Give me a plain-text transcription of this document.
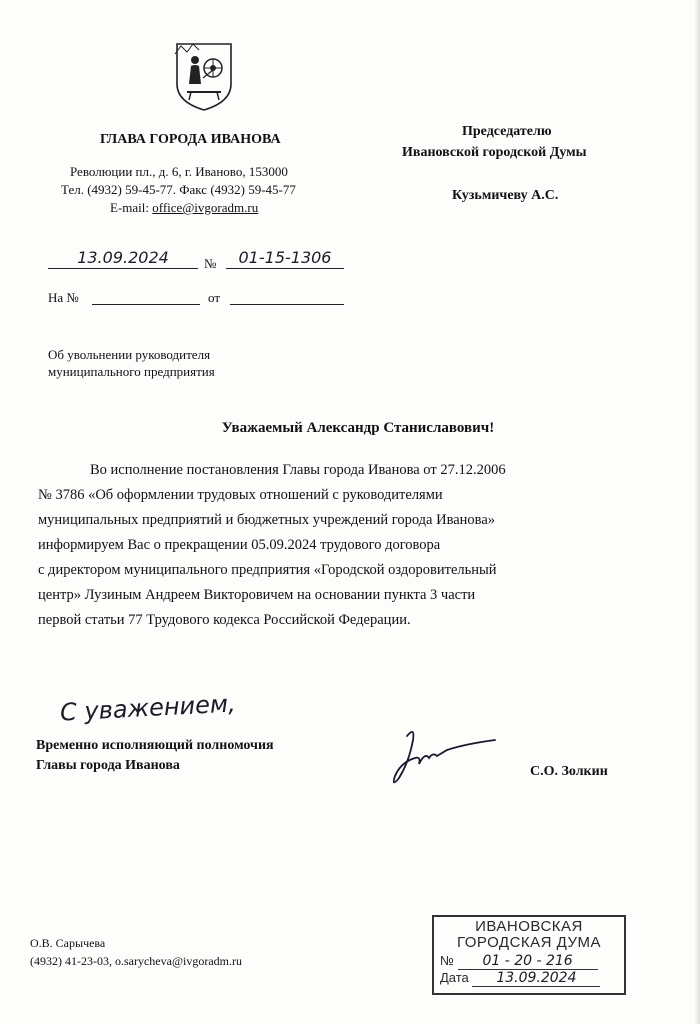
ГЛАВА ГОРОДА ИВАНОВА
Революции пл., д. 6, г. Иваново, 153000
Тел. (4932) 59-45-77. Факс (4932) 59-45-77
E-mail: office@ivgoradm.ru
Председателю
Ивановской городской Думы
Кузьмичеву А.С.
13.09.2024	№	01-15-1306
На №	от
Об увольнении руководителя
муниципального предприятия
Уважаемый Александр Станиславович!
Во исполнение постановления Главы города Иванова от 27.12.2006
№ 3786 «Об оформлении трудовых отношений с руководителями
муниципальных предприятий и бюджетных учреждений города Иванова»
информируем Вас о прекращении 05.09.2024 трудового договора
с директором муниципального предприятия «Городской оздоровительный
центр» Лузиным Андреем Викторовичем на основании пункта 3 части
первой статьи 77 Трудового кодекса Российской Федерации.
С уважением,
Временно исполняющий полномочия
Главы города Иванова	С.О. Золкин
О.В. Сарычева
(4932) 41-23-03, o.sarycheva@ivgoradm.ru
ИВАНОВСКАЯ
ГОРОДСКАЯ ДУМА
№ 01 - 20 - 216
Дата 13.09.2024
